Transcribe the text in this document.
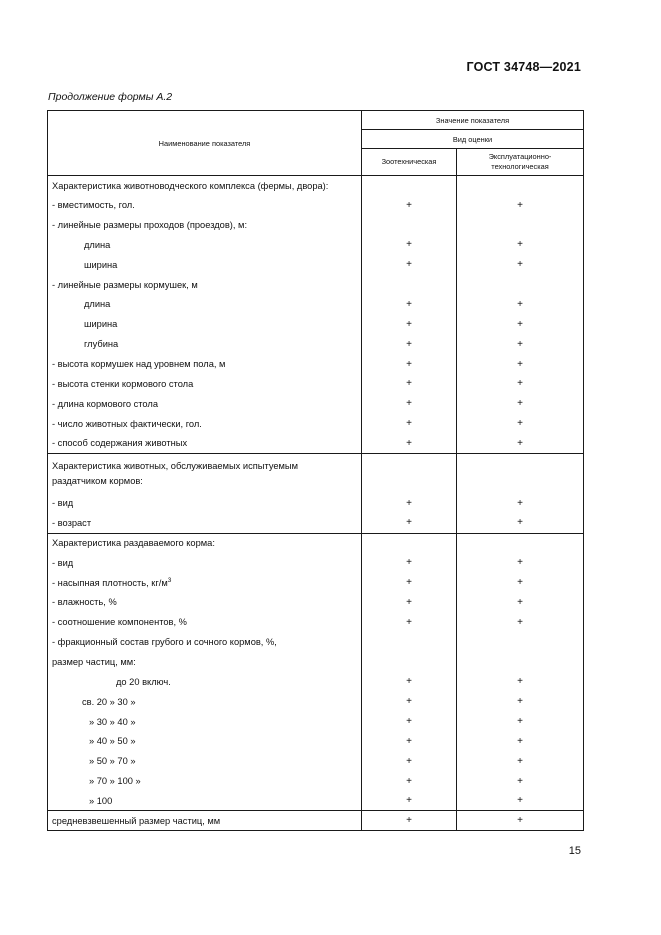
ГОСТ 34748—2021
Продолжение формы А.2
Наименование показателя	Значение показателя	
	Вид оценки	
	Зоотехническая	Эксплуатационно-
технологическая
Характеристика животноводческого комплекса (фермы, двора):		
- вместимость, гол.	+	+
- линейные размеры проходов (проездов), м:		
длина	+	+
ширина	+	+
- линейные размеры кормушек, м		
длина	+	+
ширина	+	+
глубина	+	+
- высота кормушек над уровнем пола, м	+	+
- высота стенки кормового стола	+	+
- длина кормового стола	+	+
- число животных фактически, гол.	+	+
- способ содержания животных	+	+
Характеристика животных, обслуживаемых испытуемым раздатчиком кормов:		
- вид	+	+
- возраст	+	+
Характеристика раздаваемого корма:		
- вид	+	+
- насыпная плотность, $кг/м^3$	+	+
- влажность, %	+	+
- соотношение компонентов, %	+	+
- фракционный состав грубого и сочного кормов, %,		
размер частиц, мм:		
до 20 включ.	+	+
св. 20 » 30 »	+	+
» 30 » 40 »	+	+
» 40 » 50 »	+	+
» 50 » 70 »	+	+
» 70 » 100 »	+	+
» 100	+	+
средневзвешенный размер частиц, мм	+	+
15
